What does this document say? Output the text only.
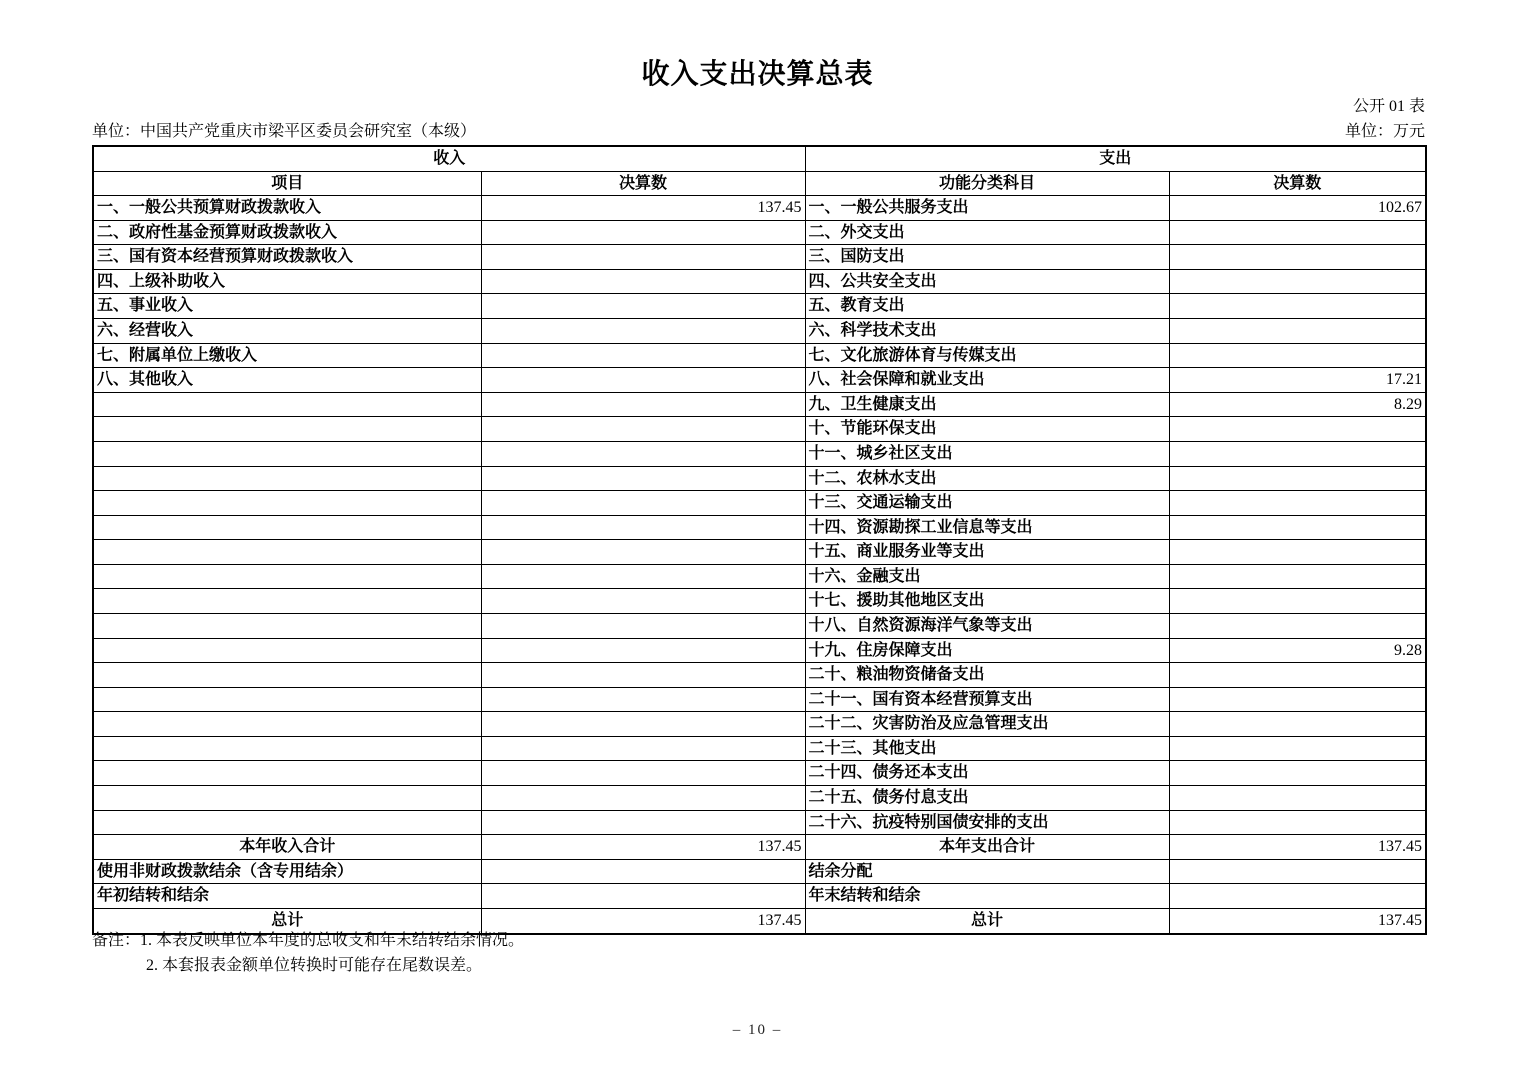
收入支出决算总表
公开 01 表
单位：中国共产党重庆市梁平区委员会研究室（本级）	单位：万元
收入		支出	
项目	决算数	功能分类科目	决算数
一、一般公共预算财政拨款收入	137.45	一、一般公共服务支出	102.67
二、政府性基金预算财政拨款收入		二、外交支出	
三、国有资本经营预算财政拨款收入		三、国防支出	
四、上级补助收入		四、公共安全支出	
五、事业收入		五、教育支出	
六、经营收入		六、科学技术支出	
七、附属单位上缴收入		七、文化旅游体育与传媒支出	
八、其他收入		八、社会保障和就业支出	17.21
		九、卫生健康支出	8.29
		十、节能环保支出	
		十一、城乡社区支出	
		十二、农林水支出	
		十三、交通运输支出	
		十四、资源勘探工业信息等支出	
		十五、商业服务业等支出	
		十六、金融支出	
		十七、援助其他地区支出	
		十八、自然资源海洋气象等支出	
		十九、住房保障支出	9.28
		二十、粮油物资储备支出	
		二十一、国有资本经营预算支出	
		二十二、灾害防治及应急管理支出	
		二十三、其他支出	
		二十四、债务还本支出	
		二十五、债务付息支出	
		二十六、抗疫特别国债安排的支出	
本年收入合计	137.45	本年支出合计	137.45
使用非财政拨款结余（含专用结余）		结余分配	
年初结转和结余		年末结转和结余	
总计	137.45	总计	137.45
备注：1. 本表反映单位本年度的总收支和年末结转结余情况。
2. 本套报表金额单位转换时可能存在尾数误差。
– 10 –
